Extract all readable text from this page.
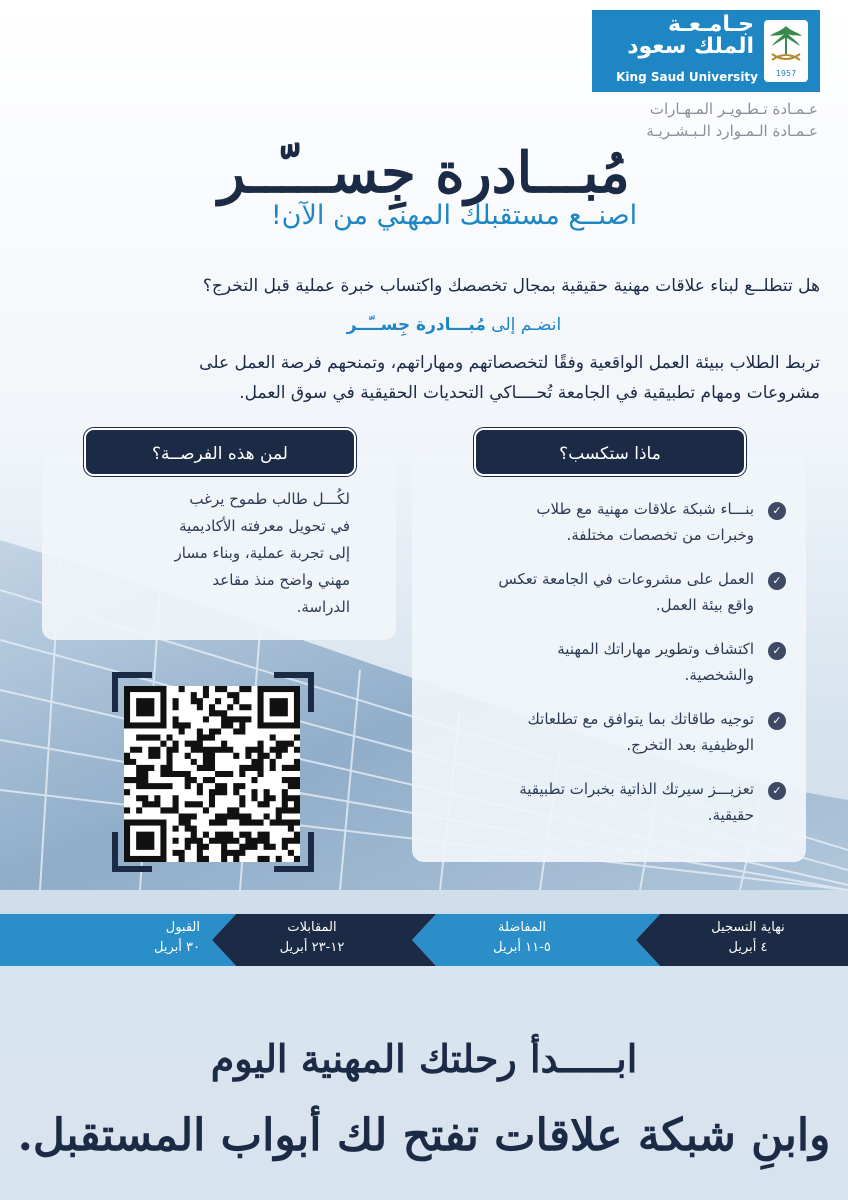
جـامـعـة
الملك سعود
King Saud University 1957
عـمـادة تـطـويـر المـهـارات
عـمـادة الـمـوارد الـبـشـريـة
مُبـــادرة جِســـّــر
اصنــع مستقبلك المهني من الآن!
هل تتطلــع لبناء علاقات مهنية حقيقية بمجال تخصصك واكتساب خبرة عملية قبل التخرج؟
انضـم إلى مُبـــادرة جِســّــر
تربط الطلاب ببيئة العمل الواقعية وفقًا لتخصصاتهم ومهاراتهم، وتمنحهم فرصة العمل على
مشروعات ومهام تطبيقية في الجامعة تُحــــاكي التحديات الحقيقية في سوق العمل.
ماذا ستكسب؟
لمن هذه الفرصــة؟
✓
بنـــاء شبكة علاقات مهنية مع طلاب
وخبرات من تخصصات مختلفة.
✓
العمل على مشروعات في الجامعة تعكس
واقع بيئة العمل.
✓
اكتشاف وتطوير مهاراتك المهنية
والشخصية.
✓
توجيه طاقاتك بما يتوافق مع تطلعاتك
الوظيفية بعد التخرج.
✓
تعزيـــز سيرتك الذاتية بخبرات تطبيقية
حقيقية.
لكُـــل طالب طموح يرغب
في تحويل معرفته الأكاديمية
إلى تجربة عملية، وبناء مسار
مهني واضح منذ مقاعد
الدراسة.
نهاية التسجيل
٤ أبريل
المفاضلة
٥-١١ أبريل
المقابلات
١٢-٢٣ أبريل
القبول
٣٠ أبريل
ابـــــدأ رحلتك المهنية اليوم
وابنِ شبكة علاقات تفتح لك أبواب المستقبل.
